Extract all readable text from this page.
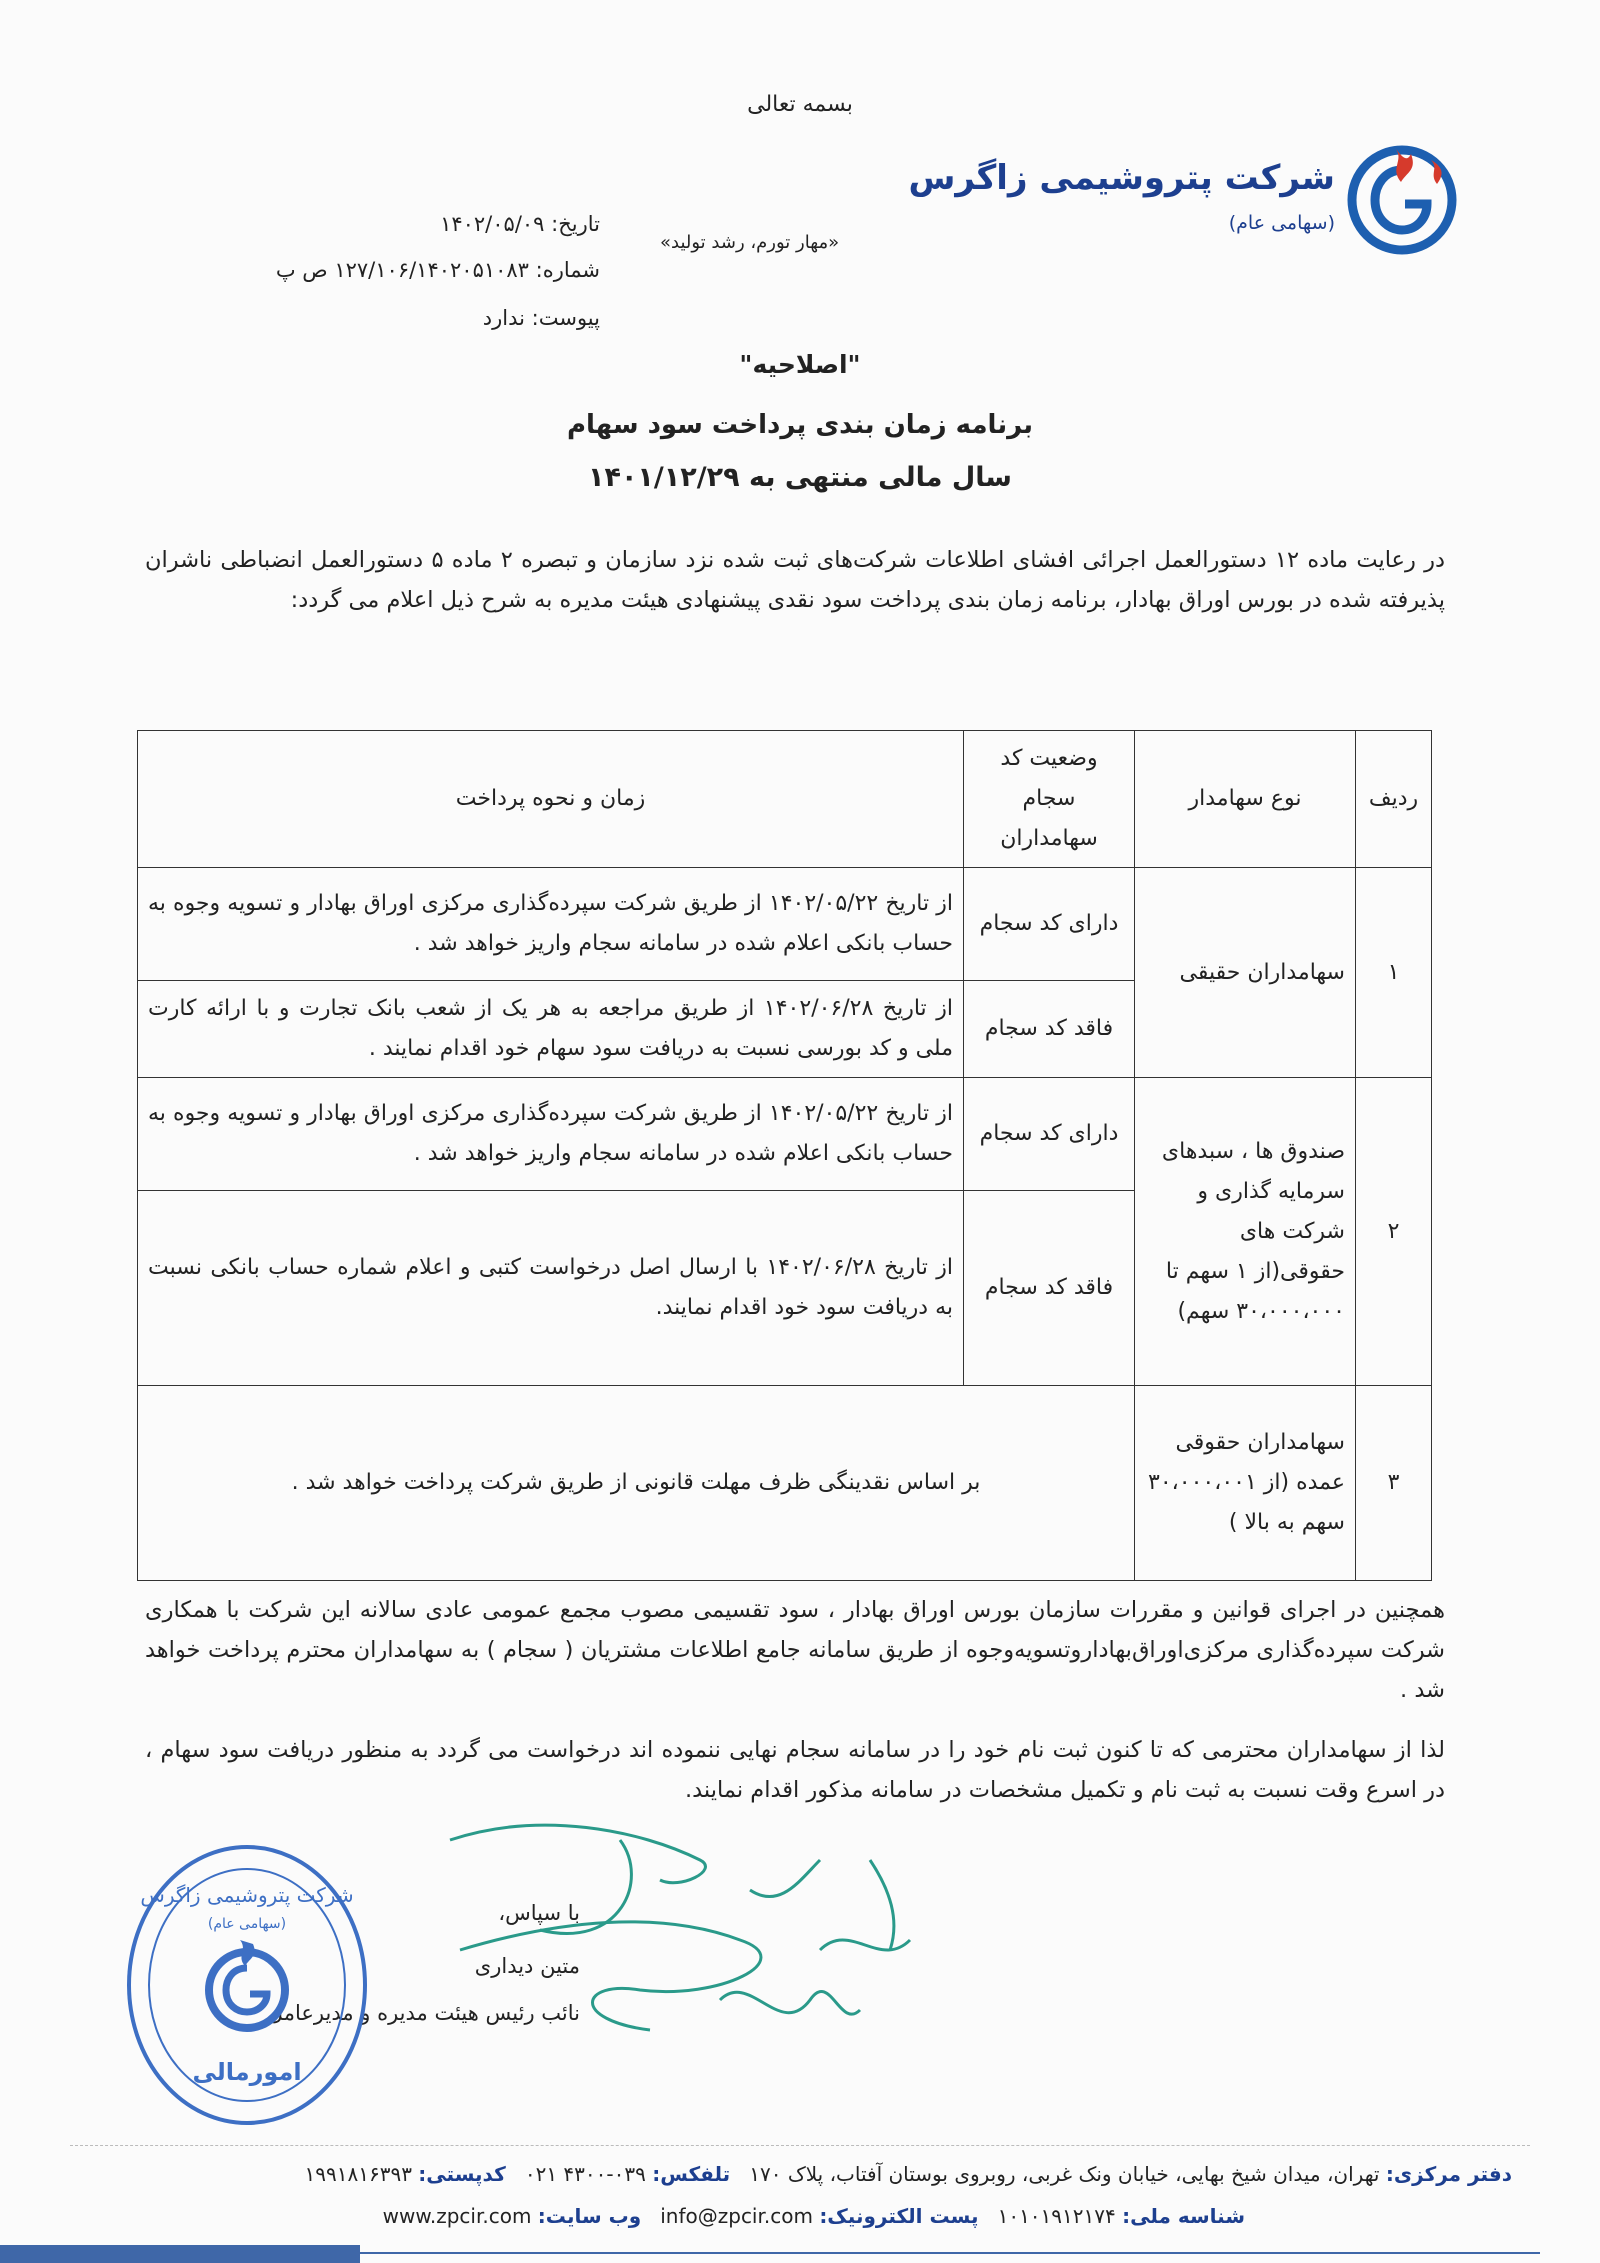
بسمه تعالی
شرکت پتروشیمی زاگرس
(سهامی عام)
«مهار تورم، رشد تولید»
تاریخ: ۱۴۰۲/۰۵/۰۹
شماره: ۱۲۷/۱۰۶/۱۴۰۲۰۵۱۰۸۳ ص پ
پیوست: ندارد
"اصلاحیه"
برنامه زمان بندی پرداخت سود سهام
سال مالی منتهی به ۱۴۰۱/۱۲/۲۹
در رعایت ماده ۱۲ دستورالعمل اجرائی افشای اطلاعات شرکت‌های ثبت شده نزد سازمان و تبصره ۲ ماده ۵ دستورالعمل انضباطی ناشران پذیرفته شده در بورس اوراق بهادار، برنامه زمان بندی پرداخت سود نقدی پیشنهادی هیئت مدیره به شرح ذیل اعلام می گردد:
ردیف	نوع سهامدار	وضعیت کد سجام سهامداران	زمان و نحوه پرداخت
۱	سهامداران حقیقی	دارای کد سجام	از تاریخ ۱۴۰۲/۰۵/۲۲ از طریق شرکت سپرده‌گذاری مرکزی اوراق بهادار و تسویه وجوه به حساب بانکی اعلام شده در سامانه سجام واریز خواهد شد .
		فاقد کد سجام	از تاریخ ۱۴۰۲/۰۶/۲۸ از طریق مراجعه به هر یک از شعب بانک تجارت و با ارائه کارت ملی و کد بورسی نسبت به دریافت سود سهام خود اقدام نمایند .
۲	صندوق ها ، سبدهای سرمایه گذاری و شرکت های حقوقی(از ۱ سهم تا ۳۰،۰۰۰،۰۰۰ سهم)	دارای کد سجام	از تاریخ ۱۴۰۲/۰۵/۲۲ از طریق شرکت سپرده‌گذاری مرکزی اوراق بهادار و تسویه وجوه به حساب بانکی اعلام شده در سامانه سجام واریز خواهد شد .
		فاقد کد سجام	از تاریخ ۱۴۰۲/۰۶/۲۸ با ارسال اصل درخواست کتبی و اعلام شماره حساب بانکی نسبت به دریافت سود خود اقدام نمایند.
۳	سهامداران حقوقی عمده (از ۳۰،۰۰۰،۰۰۱ سهم به بالا )	بر اساس نقدینگی ظرف مهلت قانونی از طریق شرکت پرداخت خواهد شد .	
همچنین در اجرای قوانین و مقررات سازمان بورس اوراق بهادار ، سود تقسیمی مصوب مجمع عمومی عادی سالانه این شرکت با همکاری شرکت سپرده‌گذاری مرکزی‌اوراق‌بهادار‌وتسویه‌وجوه از طریق سامانه جامع اطلاعات مشتریان ( سجام ) به سهامداران محترم پرداخت خواهد شد .
لذا از سهامداران محترمی که تا کنون ثبت نام خود را در سامانه سجام نهایی ننموده اند درخواست می گردد به منظور دریافت سود سهام ، در اسرع وقت نسبت به ثبت نام و تکمیل مشخصات در سامانه مذکور اقدام نمایند.
با سپاس،
متین دیداری
نائب رئیس هیئت مدیره و مدیرعامل
شرکت پتروشیمی زاگرس
(سهامی عام)
امورمالی
دفتر مرکزی: تهران، میدان شیخ بهایی، خیابان ونک غربی، روبروی بوستان آفتاب، پلاک ۱۷۰   تلفکس: ۰۳۹-۴۳۰۰ ۰۲۱   کدپستی: ۱۹۹۱۸۱۶۳۹۳
شناسه ملی: ۱۰۱۰۱۹۱۲۱۷۴   پست الکترونیک: info@zpcir.com   وب سایت: www.zpcir.com
